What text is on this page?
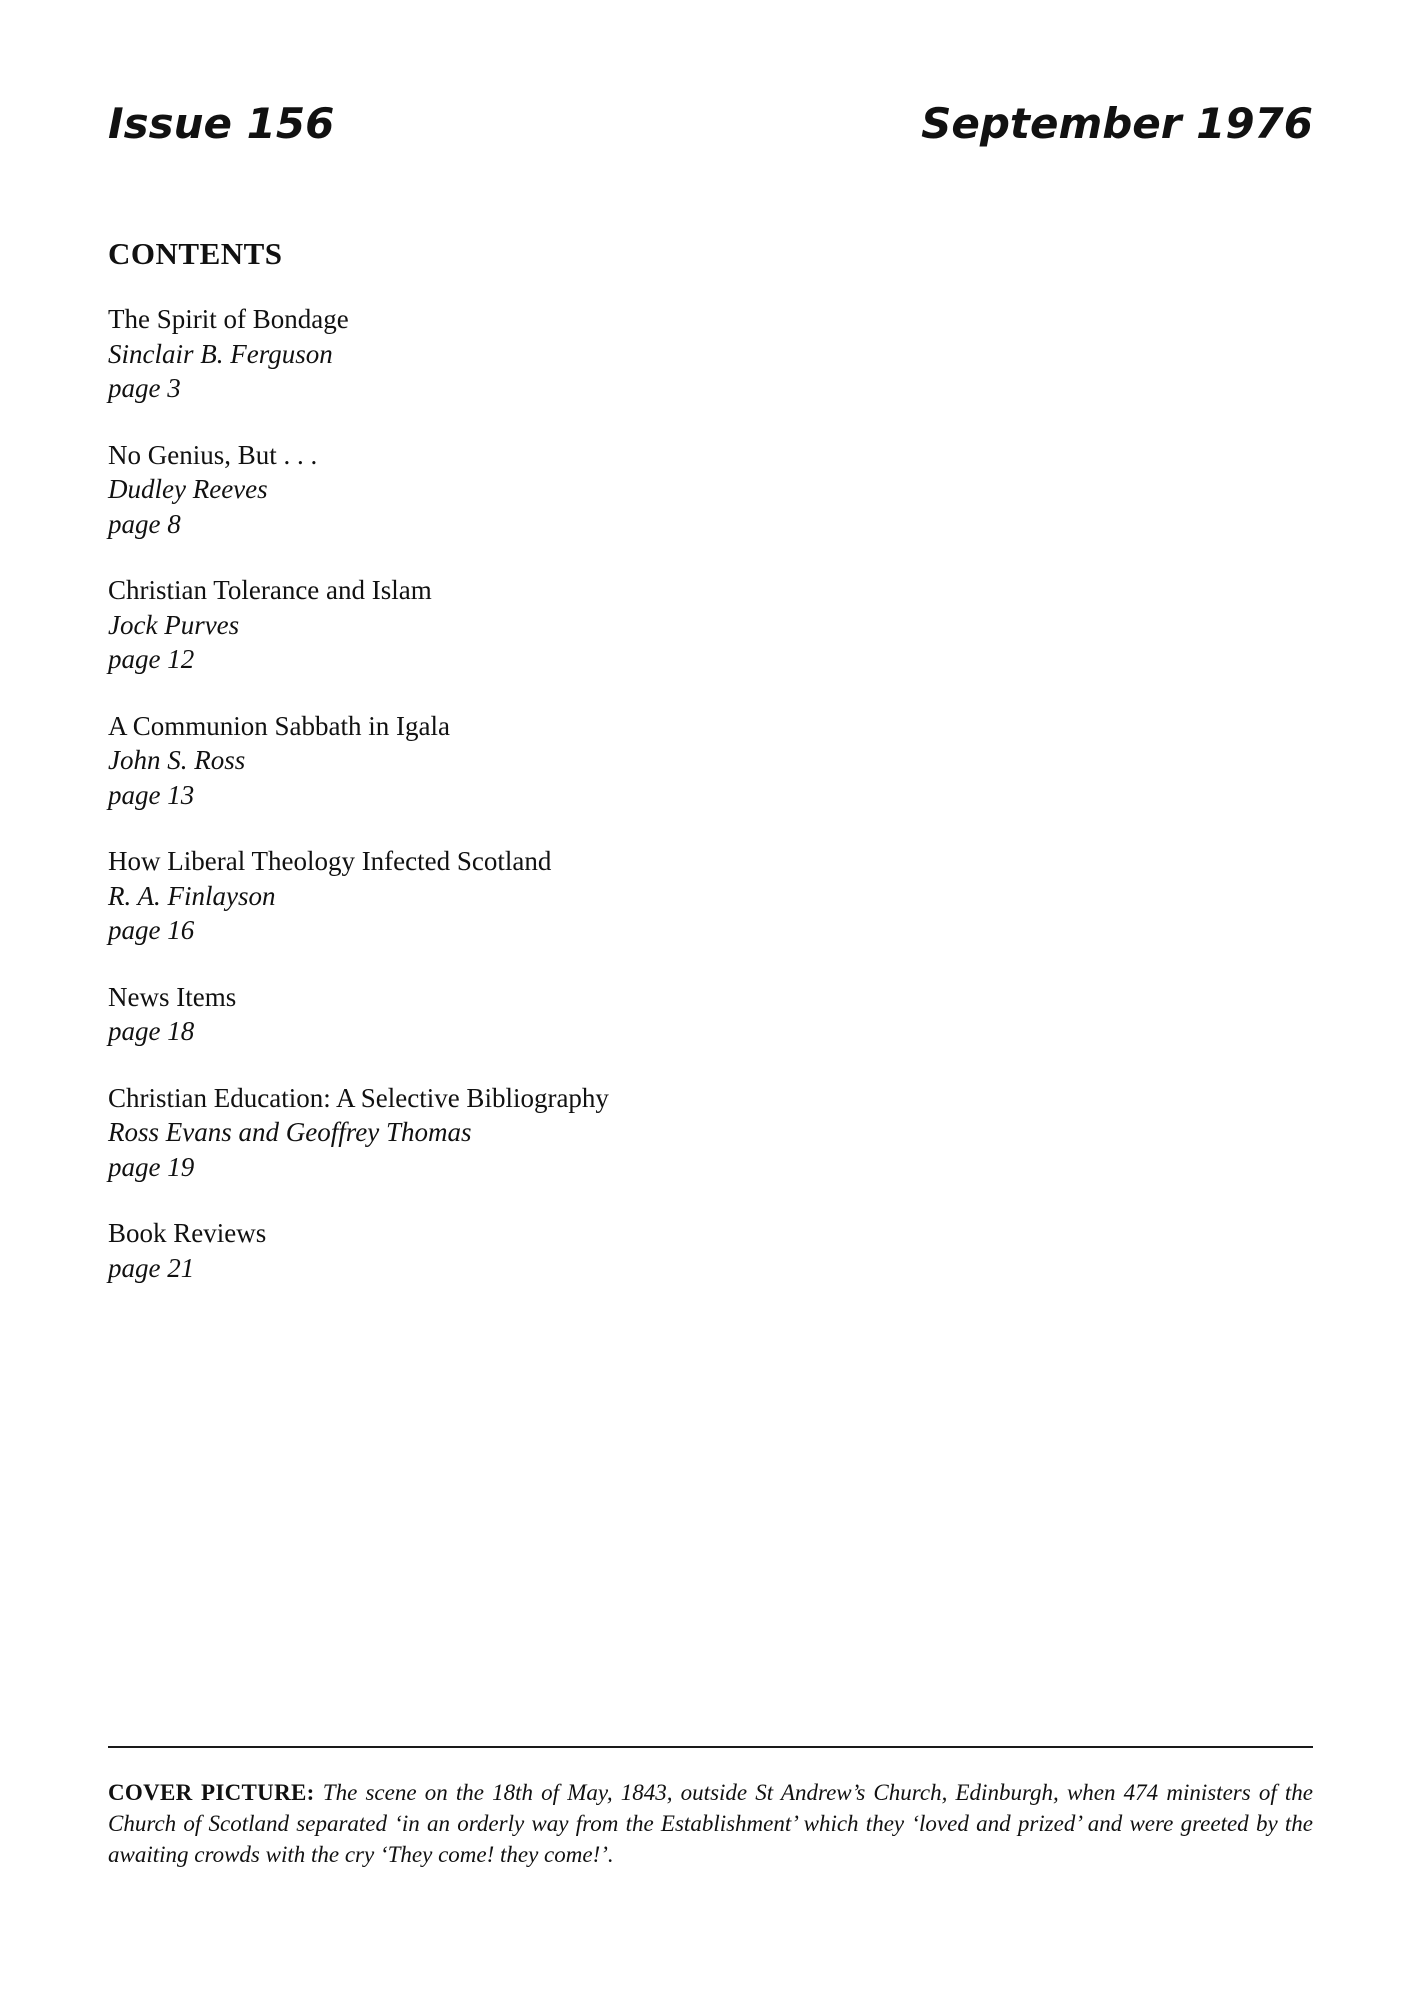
Issue 156	September 1976
CONTENTS
The Spirit of Bondage
Sinclair B. Ferguson
page 3
No Genius, But . . .
Dudley Reeves
page 8
Christian Tolerance and Islam
Jock Purves
page 12
A Communion Sabbath in Igala
John S. Ross
page 13
How Liberal Theology Infected Scotland
R. A. Finlayson
page 16
News Items
page 18
Christian Education: A Selective Bibliography
Ross Evans and Geoffrey Thomas
page 19
Book Reviews
page 21
COVER PICTURE: The scene on the 18th of May, 1843, outside St Andrew’s Church, Edinburgh, when 474 ministers of the Church of Scotland separated ‘in an orderly way from the Establishment’ which they ‘loved and prized’ and were greeted by the awaiting crowds with the cry ‘They come! they come!’.
